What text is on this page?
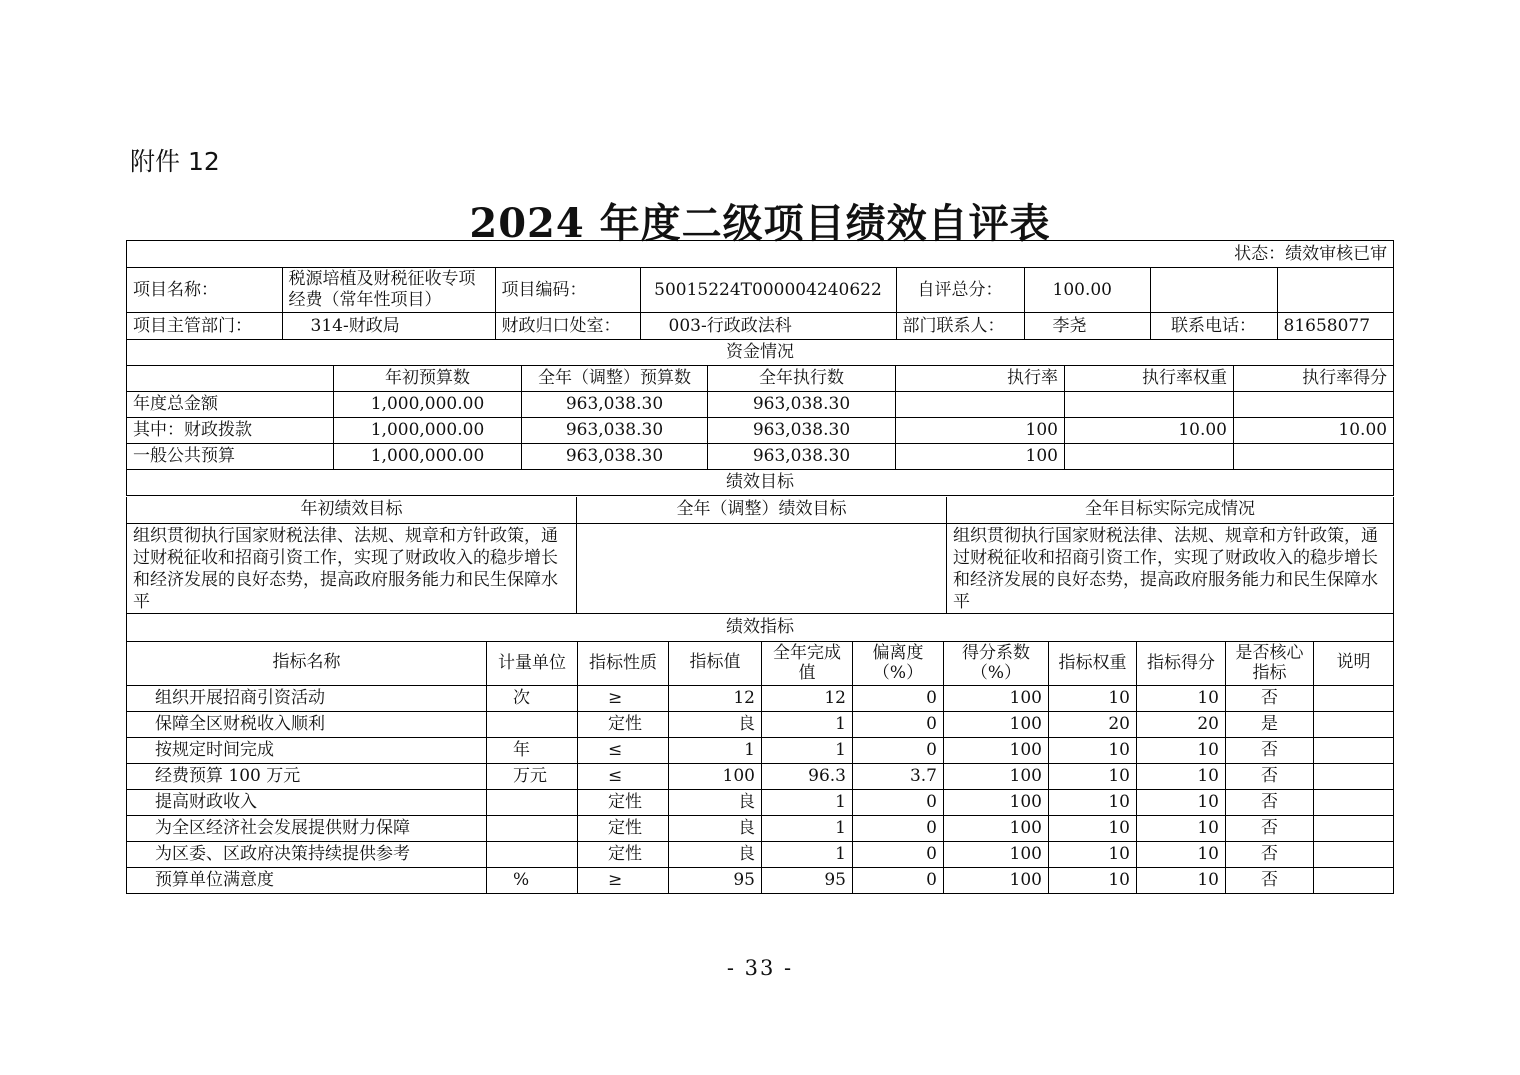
附件 12
2024 年度二级项目绩效自评表
状态：绩效审核已审

项目名称：	税源培植及财税征收专项经费（常年性项目）	项目编码：	50015224T000004240622	自评总分：	100.00		

项目主管部门：	314-财政局	财政归口处室：	003-行政政法科	部门联系人：	李尧	联系电话：	81658077

资金情况
	年初预算数	全年（调整）预算数	全年执行数	执行率	执行率权重	执行率得分
年度总金额	1,000,000.00	963,038.30	963,038.30			
其中：财政拨款	1,000,000.00	963,038.30	963,038.30	100	10.00	10.00
一般公共预算	1,000,000.00	963,038.30	963,038.30	100		
绩效目标
年初绩效目标	全年（调整）绩效目标	全年目标实际完成情况
组织贯彻执行国家财税法律、法规、规章和方针政策，通过财税征收和招商引资工作，实现了财政收入的稳步增长和经济发展的良好态势，提高政府服务能力和民生保障水平		组织贯彻执行国家财税法律、法规、规章和方针政策，通过财税征收和招商引资工作，实现了财政收入的稳步增长和经济发展的良好态势，提高政府服务能力和民生保障水平
绩效指标		
指标名称	计量单位	指标性质	指标值	全年完成值	偏离度（%）	得分系数（%）	指标权重	指标得分	是否核心指标	说明
组织开展招商引资活动	次	≥	12	12	0	100	10	10	否	
保障全区财税收入顺利		定性	良	1	0	100	20	20	是	
按规定时间完成	年	≤	1	1	0	100	10	10	否	
经费预算 100 万元	万元	≤	100	96.3	3.7	100	10	10	否	
提高财政收入		定性	良	1	0	100	10	10	否	
为全区经济社会发展提供财力保障		定性	良	1	0	100	10	10	否	
为区委、区政府决策持续提供参考		定性	良	1	0	100	10	10	否	
预算单位满意度	%	≥	95	95	0	100	10	10	否	
- 33 -
